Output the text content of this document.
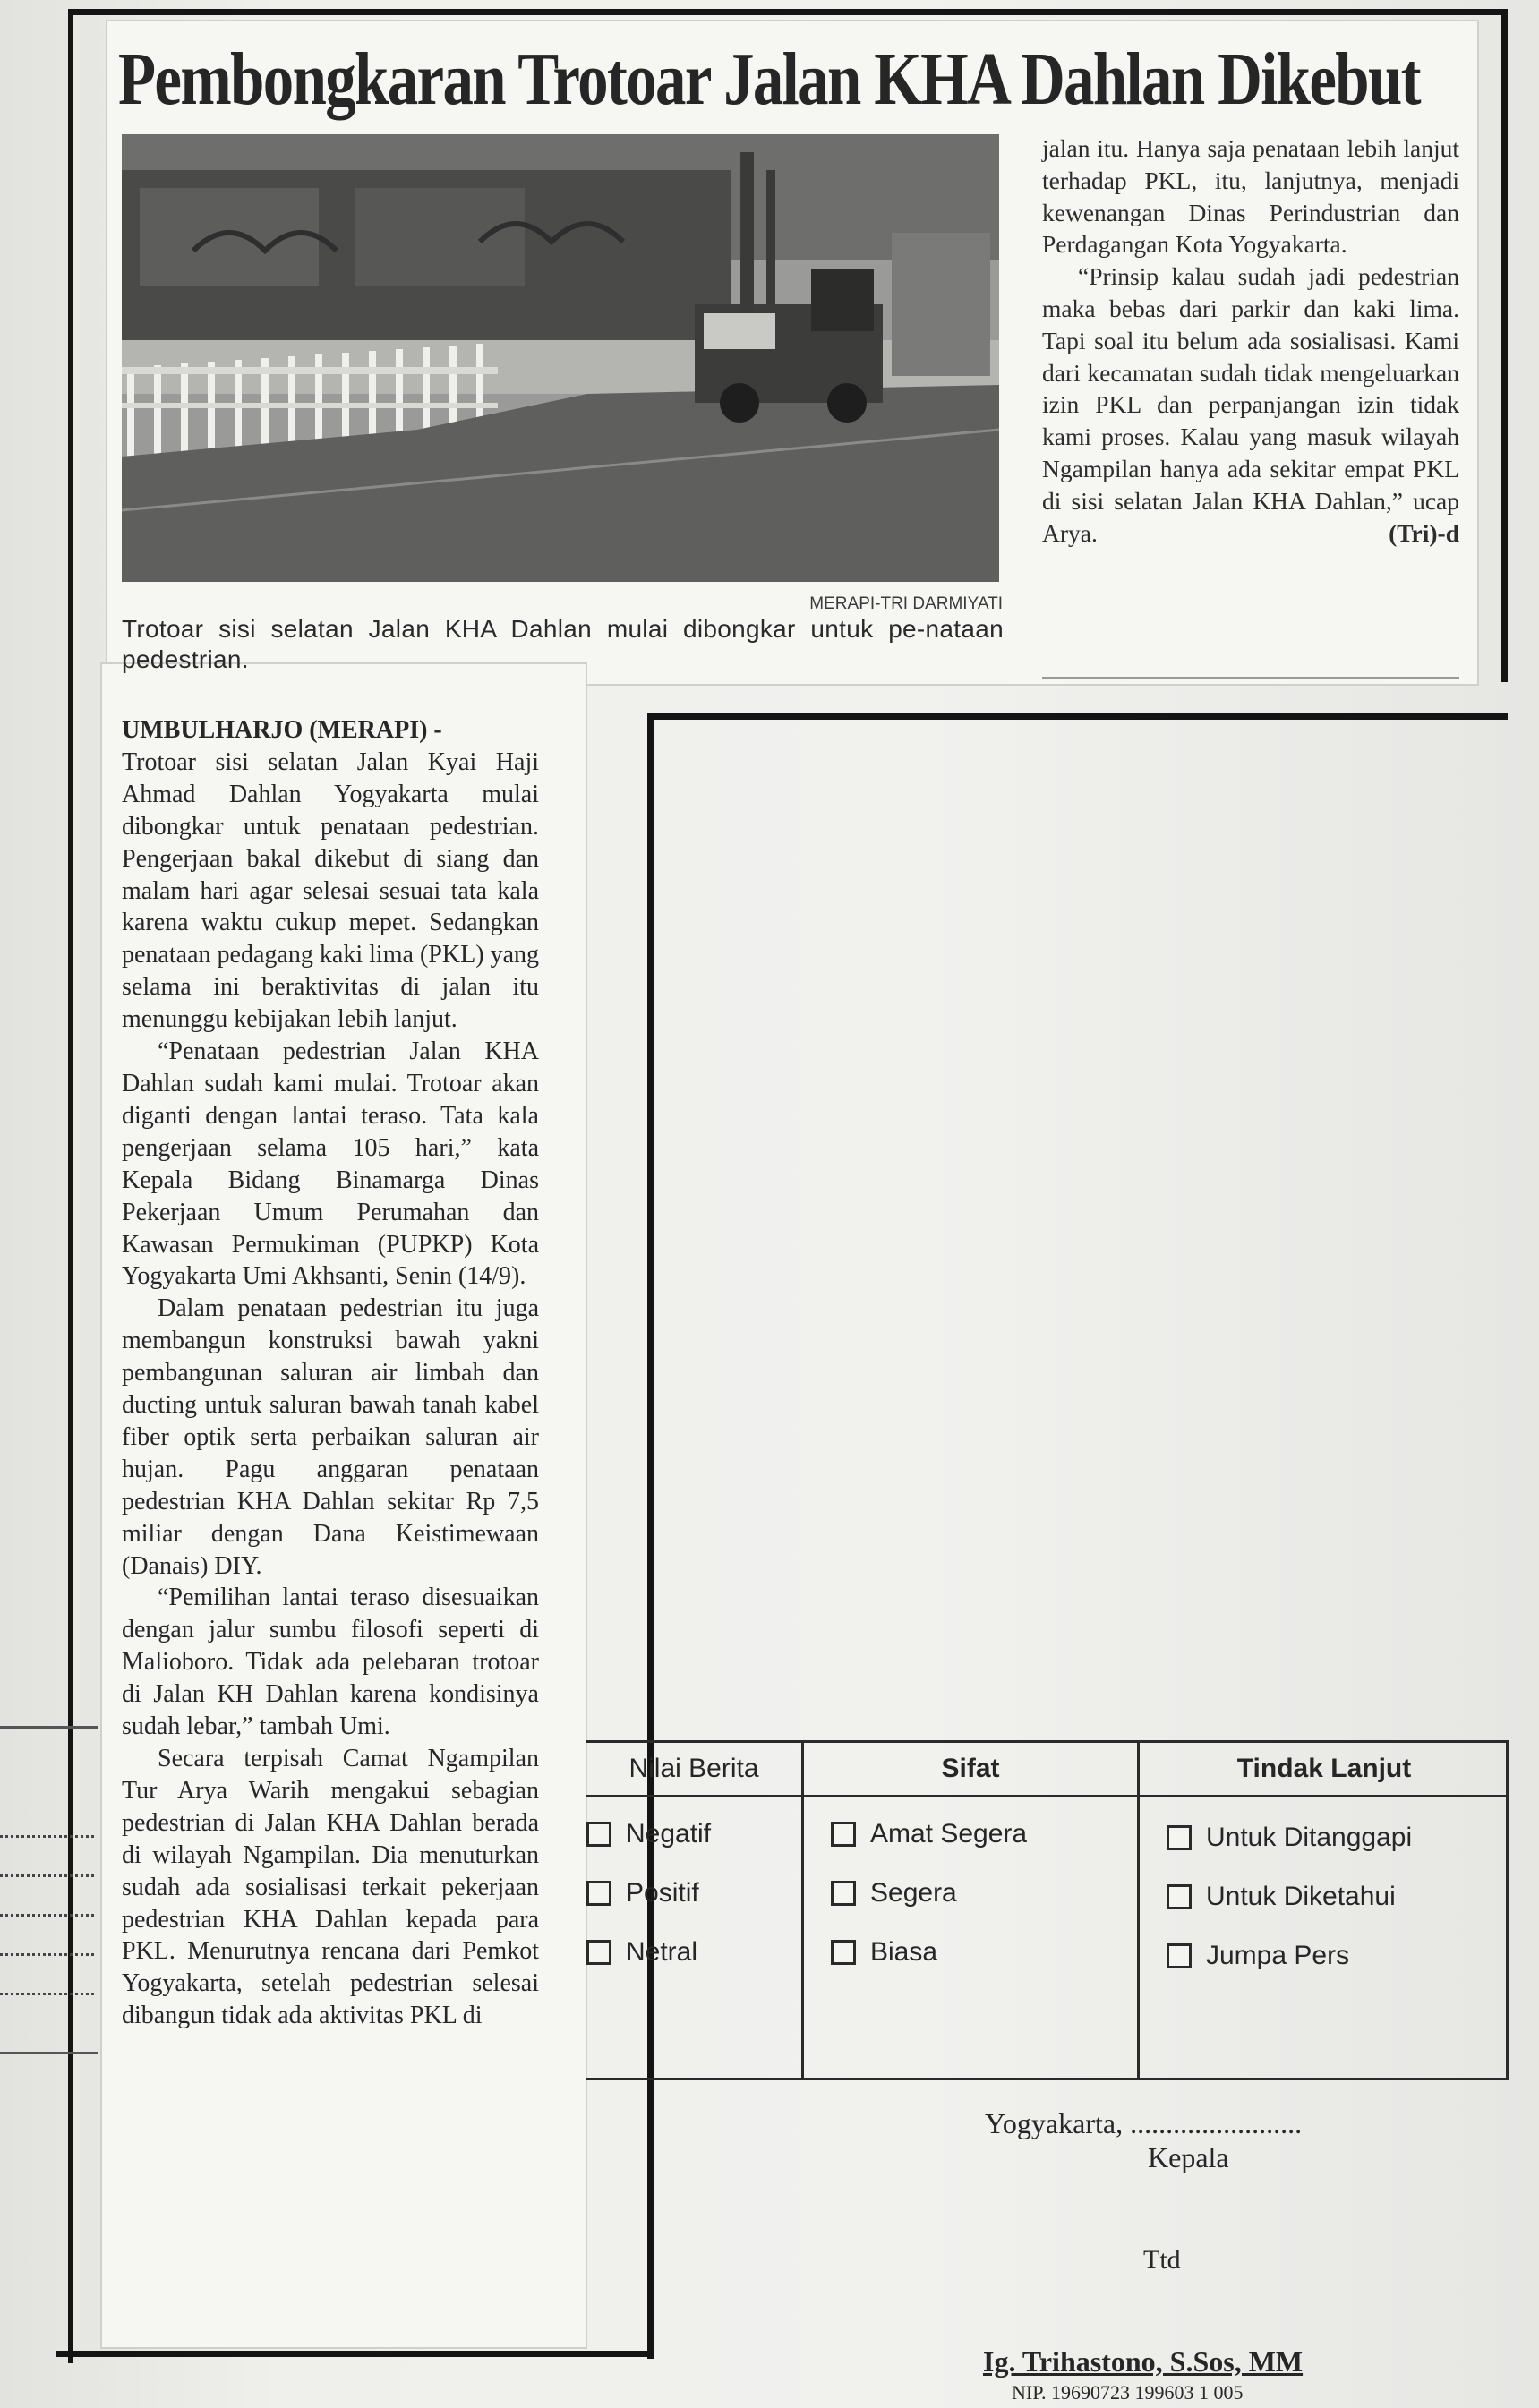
Pembongkaran Trotoar Jalan KHA Dahlan Dikebut
MERAPI-TRI DARMIYATI
Trotoar sisi selatan Jalan KHA Dahlan mulai dibongkar untuk pe-nataan pedestrian.

jalan itu. Hanya saja penataan lebih lanjut terhadap PKL, itu, lanjutnya, menjadi kewenangan Dinas Perindustrian dan Perdagangan Kota Yogyakarta.

“Prinsip kalau sudah jadi pedestrian maka bebas dari parkir dan kaki lima. Tapi soal itu belum ada sosialisasi. Kami dari kecamatan sudah tidak mengeluarkan izin PKL dan perpanjangan izin tidak kami proses. Kalau yang masuk wilayah Ngampilan hanya ada sekitar empat PKL di sisi selatan Jalan KHA Dahlan,” ucap Arya.	(Tri)-d

UMBULHARJO (MERAPI) -

Trotoar sisi selatan Jalan Kyai Haji Ahmad Dahlan Yogyakarta mulai dibongkar untuk penataan pedestrian. Pengerjaan bakal dikebut di siang dan malam hari agar selesai sesuai tata kala karena waktu cukup mepet. Sedangkan penataan pedagang kaki lima (PKL) yang selama ini beraktivitas di jalan itu menunggu kebijakan lebih lanjut.

“Penataan pedestrian Jalan KHA Dahlan sudah kami mulai. Trotoar akan diganti dengan lantai teraso. Tata kala pengerjaan selama 105 hari,” kata Kepala Bidang Binamarga Dinas Pekerjaan Umum Perumahan dan Kawasan Permukiman (PUPKP) Kota Yogyakarta Umi Akhsanti, Senin (14/9).

Dalam penataan pedestrian itu juga membangun konstruksi bawah yakni pembangunan saluran air limbah dan ducting untuk saluran bawah tanah kabel fiber optik serta perbaikan saluran air hujan. Pagu anggaran penataan pedestrian KHA Dahlan sekitar Rp 7,5 miliar dengan Dana Keistimewaan (Danais) DIY.

“Pemilihan lantai teraso disesuaikan dengan jalur sumbu filosofi seperti di Malioboro. Tidak ada pelebaran trotoar di Jalan KH Dahlan karena kondisinya sudah lebar,” tambah Umi.

Secara terpisah Camat Ngampilan Tur Arya Warih mengakui sebagian pedestrian di Jalan KHA Dahlan berada di wilayah Ngampilan. Dia menuturkan sudah ada sosialisasi terkait pekerjaan pedestrian KHA Dahlan kepada para PKL. Menurutnya rencana dari Pemkot Yogyakarta, setelah pedestrian selesai dibangun tidak ada aktivitas PKL di

Nilai Berita
Negatif
Positif
Netral
Sifat
Amat Segera
Segera
Biasa
Tindak Lanjut
Untuk Ditanggapi
Untuk Diketahui
Jumpa Pers
Yogyakarta, ........................
Kepala
Ttd
Ig. Trihastono, S.Sos, MM
NIP. 19690723 199603 1 005
